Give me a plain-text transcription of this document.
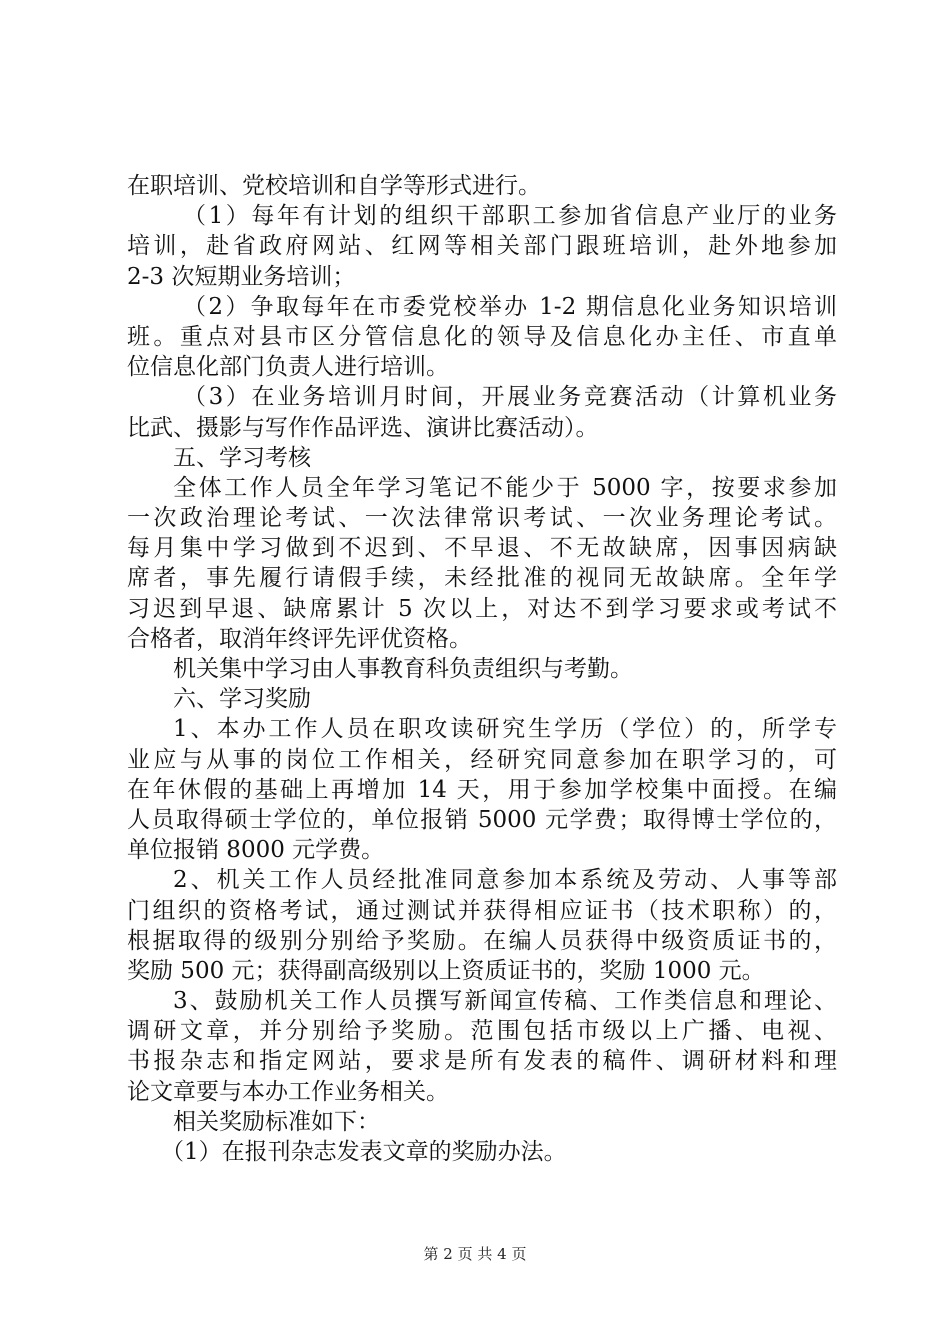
在职培训、党校培训和自学等形式进行。
（1）每年有计划的组织干部职工参加省信息产业厅的业务
培训，赴省政府网站、红网等相关部门跟班培训，赴外地参加
2-3 次短期业务培训；
（2）争取每年在市委党校举办 1-2 期信息化业务知识培训
班。重点对县市区分管信息化的领导及信息化办主任、市直单
位信息化部门负责人进行培训。
（3）在业务培训月时间，开展业务竞赛活动（计算机业务
比武、摄影与写作作品评选、演讲比赛活动）。
五、学习考核
全体工作人员全年学习笔记不能少于 5000 字，按要求参加
一次政治理论考试、一次法律常识考试、一次业务理论考试。
每月集中学习做到不迟到、不早退、不无故缺席，因事因病缺
席者，事先履行请假手续，未经批准的视同无故缺席。全年学
习迟到早退、缺席累计 5 次以上，对达不到学习要求或考试不
合格者，取消年终评先评优资格。
机关集中学习由人事教育科负责组织与考勤。
六、学习奖励
1、本办工作人员在职攻读研究生学历（学位）的，所学专
业应与从事的岗位工作相关，经研究同意参加在职学习的，可
在年休假的基础上再增加 14 天，用于参加学校集中面授。在编
人员取得硕士学位的，单位报销 5000 元学费；取得博士学位的，
单位报销 8000 元学费。
2、机关工作人员经批准同意参加本系统及劳动、人事等部
门组织的资格考试，通过测试并获得相应证书（技术职称）的，
根据取得的级别分别给予奖励。在编人员获得中级资质证书的，
奖励 500 元；获得副高级别以上资质证书的，奖励 1000 元。
3、鼓励机关工作人员撰写新闻宣传稿、工作类信息和理论、
调研文章，并分别给予奖励。范围包括市级以上广播、电视、
书报杂志和指定网站，要求是所有发表的稿件、调研材料和理
论文章要与本办工作业务相关。
相关奖励标准如下：
（1）在报刊杂志发表文章的奖励办法。
第 2 页 共 4 页
